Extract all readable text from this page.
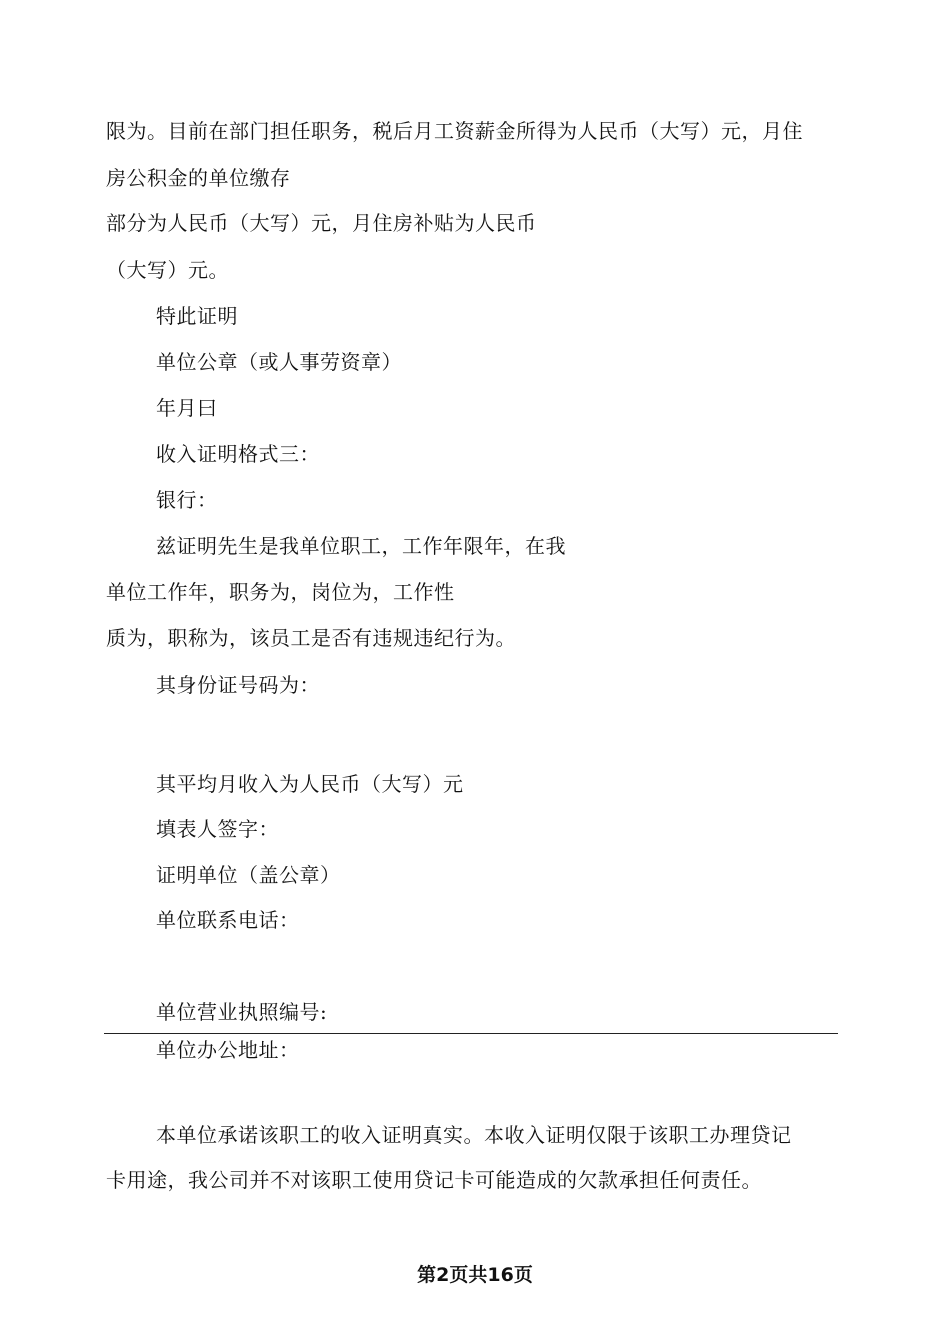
限为。目前在部门担任职务，税后月工资薪金所得为人民币（大写）元，月住
房公积金的单位缴存
部分为人民币（大写）元，月住房补贴为人民币
（大写）元。
特此证明
单位公章（或人事劳资章）
年月曰
收入证明格式三：
银行：
兹证明先生是我单位职工，工作年限年，在我
单位工作年，职务为，岗位为，工作性
质为，职称为，该员工是否有违规违纪行为。
其身份证号码为：
其平均月收入为人民币（大写）元
填表人签字：
证明单位（盖公章）
单位联系电话：
单位营业执照编号:
单位办公地址：
本单位承诺该职工的收入证明真实。本收入证明仅限于该职工办理贷记
卡用途，我公司并不对该职工使用贷记卡可能造成的欠款承担任何责任。
第2页共16页
